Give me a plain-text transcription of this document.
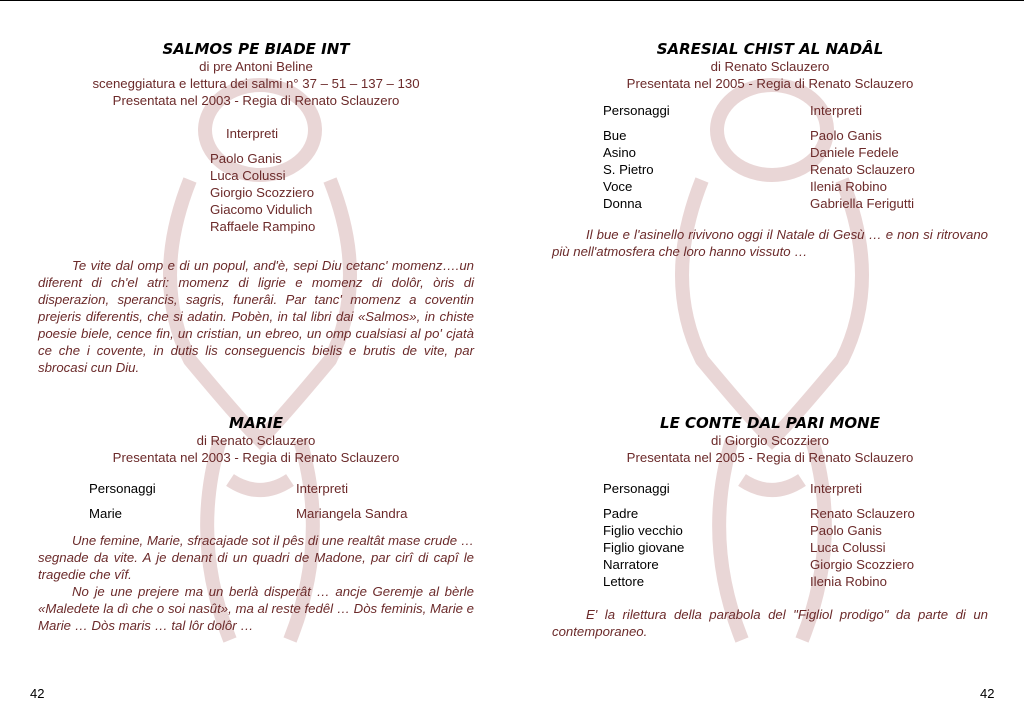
SALMOS PE BIADE INT

di pre Antoni Beline

sceneggiatura e lettura dei salmi n° 37 – 51 – 137 – 130

Presentata nel 2003 - Regia di Renato Sclauzero

Interpreti
Paolo Ganis
Luca Colussi
Giorgio Scozziero
Giacomo Vidulich
Raffaele Rampino

Te vite dal omp e di un popul, and'è, sepi Diu cetanc' momenz….un diferent di ch'el atri: momenz di ligrie e momenz di dolôr, òris di disperazion, sperancis, sagris, funerâi. Par tanc' momenz a coventin prejeris diferentis, che si adatin. Pobèn, in tal libri dai «Salmos», in chiste poesie biele, cence fin, un cristian, un ebreo, un omp cualsiasi al po' cjatà ce che i covente, in dutis lis conseguencis bielis e brutis de vite, par sbrocasi cun Diu.

MARIE

di Renato Sclauzero

Presentata nel 2003 - Regia di Renato Sclauzero

Personaggi	Interpreti
Marie	Mariangela Sandra

Une femine, Marie, sfracajade sot il pês di une realtât mase crude … segnade da vite. A je denant di un quadri de Madone, par cirî di capî le tragedie che vîf.

No je une prejere ma un berlà disperât … ancje Geremje al bèrle «Maledete la dì che o soi nasût», ma al reste fedêl … Dòs feminis, Marie e Marie … Dòs maris … tal lôr dolôr …

42

SARESIAL CHIST AL NADÂL

di Renato Sclauzero

Presentata nel 2005 - Regia di Renato Sclauzero

Personaggi	Interpreti
Bue	Paolo Ganis
Asino	Daniele Fedele
S. Pietro	Renato Sclauzero
Voce	Ilenia Robino
Donna	Gabriella Ferigutti

Il bue e l'asinello rivivono oggi il Natale di Gesù … e non si ritrovano più nell'atmosfera che loro hanno vissuto …

LE CONTE DAL PARI MONE

di Giorgio Scozziero

Presentata nel 2005 - Regia di Renato Sclauzero

Personaggi	Interpreti
Padre	Renato Sclauzero
Figlio vecchio	Paolo Ganis
Figlio giovane	Luca Colussi
Narratore	Giorgio Scozziero
Lettore	Ilenia Robino

E' la rilettura della parabola del "Figliol prodigo" da parte di un contemporaneo.

42
